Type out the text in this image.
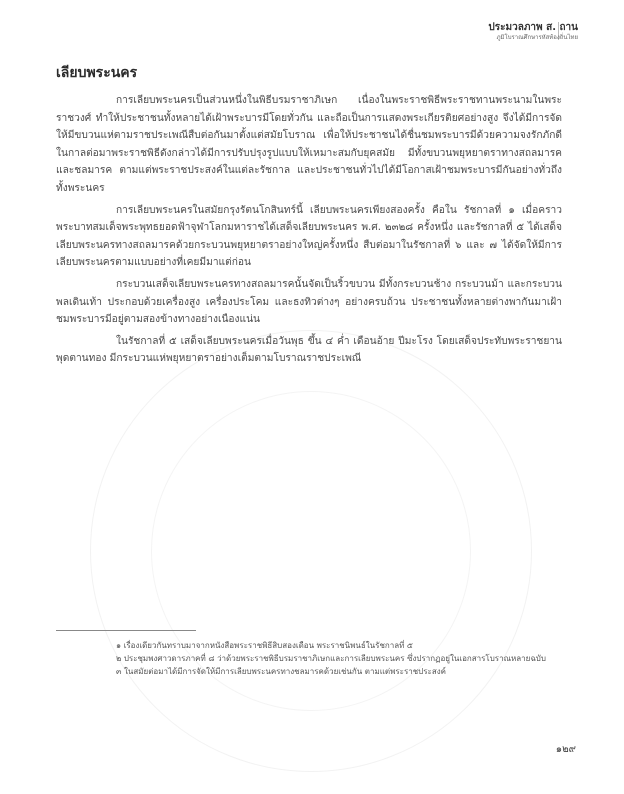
ประมวลภาพ ส. ถาน
ภูมิโบราณศึกษารหัสท้องถิ่นไทย
เลียบพระนคร

การเลียบพระนครเป็นส่วนหนึ่งในพิธีบรมราชาภิเษก เนื่องในพระราชพิธีพระราชทานพระนามในพระราชวงศ์ ทำให้ประชาชนทั้งหลายได้เฝ้าพระบารมีโดยทั่วกัน และถือเป็นการแสดงพระเกียรติยศอย่างสูง จึงได้มีการจัดให้มีขบวนแห่ตามราชประเพณีสืบต่อกันมาตั้งแต่สมัยโบราณ เพื่อให้ประชาชนได้ชื่นชมพระบารมีด้วยความจงรักภักดี ในกาลต่อมาพระราชพิธีดังกล่าวได้มีการปรับปรุงรูปแบบให้เหมาะสมกับยุคสมัย มีทั้งขบวนพยุหยาตราทางสถลมารคและชลมารค ตามแต่พระราชประสงค์ในแต่ละรัชกาล และประชาชนทั่วไปได้มีโอกาสเฝ้าชมพระบารมีกันอย่างทั่วถึงทั้งพระนคร

การเลียบพระนครในสมัยกรุงรัตนโกสินทร์นี้ เลียบพระนครเพียงสองครั้ง คือใน รัชกาลที่ ๑ เมื่อคราวพระบาทสมเด็จพระพุทธยอดฟ้าจุฬาโลกมหาราชได้เสด็จเลียบพระนคร พ.ศ. ๒๓๒๘ ครั้งหนึ่ง และรัชกาลที่ ๕ ได้เสด็จเลียบพระนครทางสถลมารคด้วยกระบวนพยุหยาตราอย่างใหญ่ครั้งหนึ่ง สืบต่อมาในรัชกาลที่ ๖ และ ๗ ได้จัดให้มีการเลียบพระนครตามแบบอย่างที่เคยมีมาแต่ก่อน

กระบวนเสด็จเลียบพระนครทางสถลมารคนั้นจัดเป็นริ้วขบวน มีทั้งกระบวนช้าง กระบวนม้า และกระบวนพลเดินเท้า ประกอบด้วยเครื่องสูง เครื่องประโคม และธงทิวต่างๆ อย่างครบถ้วน ประชาชนทั้งหลายต่างพากันมาเฝ้าชมพระบารมีอยู่ตามสองข้างทางอย่างเนืองแน่น

ในรัชกาลที่ ๕ เสด็จเลียบพระนครเมื่อวันพุธ ขึ้น ๔ ค่ำ เดือนอ้าย ปีมะโรง โดยเสด็จประทับพระราชยานพุดตานทอง มีกระบวนแห่พยุหยาตราอย่างเต็มตามโบราณราชประเพณี

๑ เรื่องเดียวกันทราบมาจากหนังสือพระราชพิธีสิบสองเดือน พระราชนิพนธ์ในรัชกาลที่ ๕

๒ ประชุมพงศาวดารภาคที่ ๘ ว่าด้วยพระราชพิธีบรมราชาภิเษกและการเลียบพระนคร ซึ่งปรากฏอยู่ในเอกสารโบราณหลายฉบับ

๓ ในสมัยต่อมาได้มีการจัดให้มีการเลียบพระนครทางชลมารคด้วยเช่นกัน ตามแต่พระราชประสงค์

๑๒๙
